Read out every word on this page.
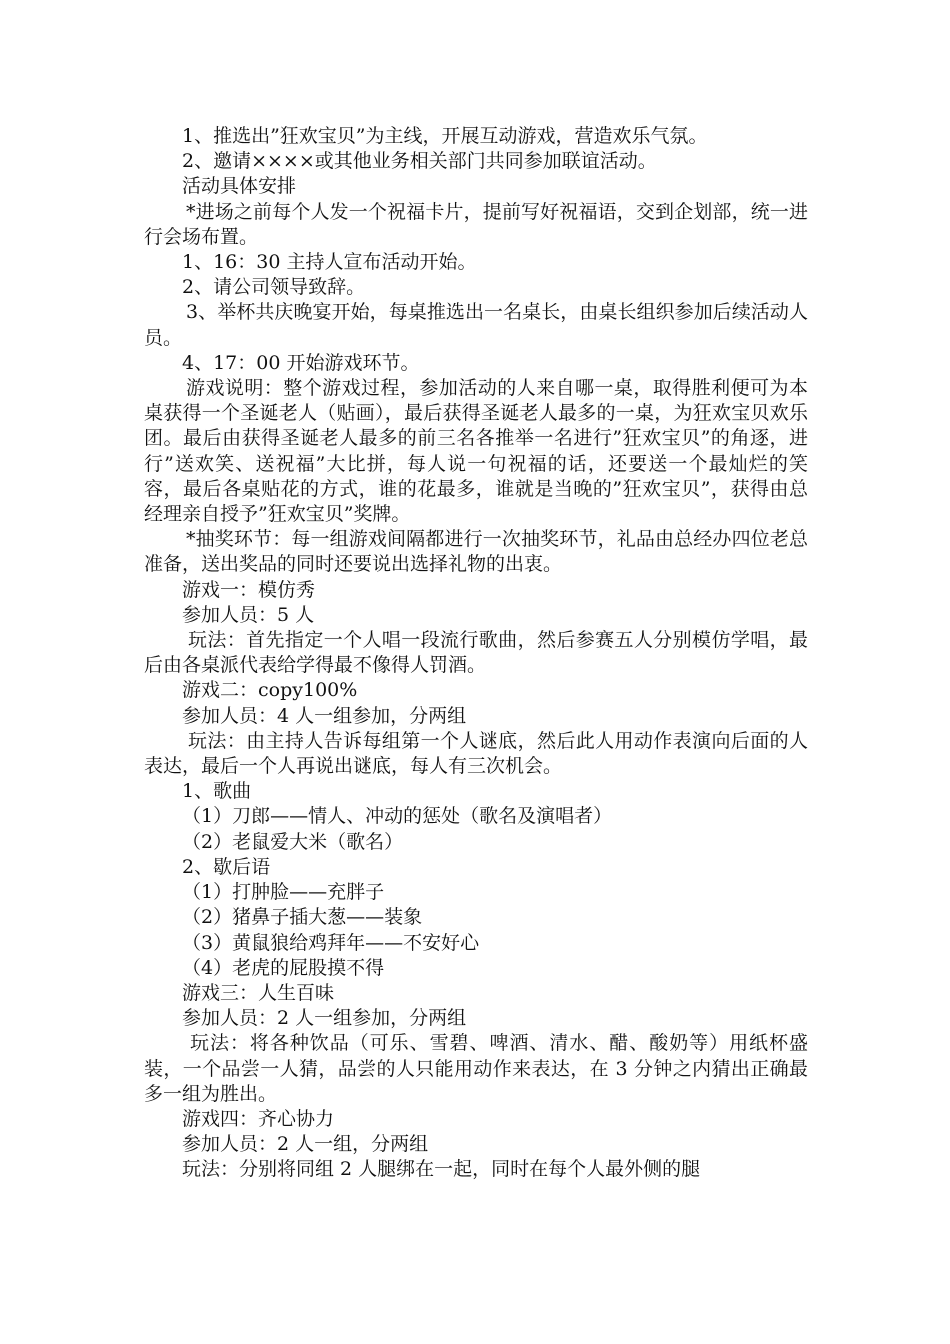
1、推选出”狂欢宝贝”为主线，开展互动游戏，营造欢乐气氛。

2、邀请××××或其他业务相关部门共同参加联谊活动。

活动具体安排

*进场之前每个人发一个祝福卡片，提前写好祝福语，交到企划部，统一进行会场布置。

1、16：30 主持人宣布活动开始。

2、请公司领导致辞。

3、举杯共庆晚宴开始，每桌推选出一名桌长，由桌长组织参加后续活动人员。

4、17：00 开始游戏环节。

游戏说明：整个游戏过程，参加活动的人来自哪一桌，取得胜利便可为本桌获得一个圣诞老人（贴画），最后获得圣诞老人最多的一桌，为狂欢宝贝欢乐团。最后由获得圣诞老人最多的前三名各推举一名进行”狂欢宝贝”的角逐，进行”送欢笑、送祝福”大比拼，每人说一句祝福的话，还要送一个最灿烂的笑容，最后各桌贴花的方式，谁的花最多，谁就是当晚的”狂欢宝贝”，获得由总经理亲自授予”狂欢宝贝”奖牌。

*抽奖环节：每一组游戏间隔都进行一次抽奖环节，礼品由总经办四位老总准备，送出奖品的同时还要说出选择礼物的出衷。

游戏一：模仿秀

参加人员：5 人

玩法：首先指定一个人唱一段流行歌曲，然后参赛五人分别模仿学唱，最后由各桌派代表给学得最不像得人罚酒。

游戏二：copy100%

参加人员：4 人一组参加，分两组

玩法：由主持人告诉每组第一个人谜底，然后此人用动作表演向后面的人表达，最后一个人再说出谜底，每人有三次机会。

1、歌曲

（1）刀郎——情人、冲动的惩处（歌名及演唱者）

（2）老鼠爱大米（歌名）

2、歇后语

（1）打肿脸——充胖子

（2）猪鼻子插大葱——装象

（3）黄鼠狼给鸡拜年——不安好心

（4）老虎的屁股摸不得

游戏三：人生百味

参加人员：2 人一组参加，分两组

玩法：将各种饮品（可乐、雪碧、啤酒、清水、醋、酸奶等）用纸杯盛装，一个品尝一人猜，品尝的人只能用动作来表达，在 3 分钟之内猜出正确最多一组为胜出。

游戏四：齐心协力

参加人员：2 人一组，分两组

玩法：分别将同组 2 人腿绑在一起，同时在每个人最外侧的腿
